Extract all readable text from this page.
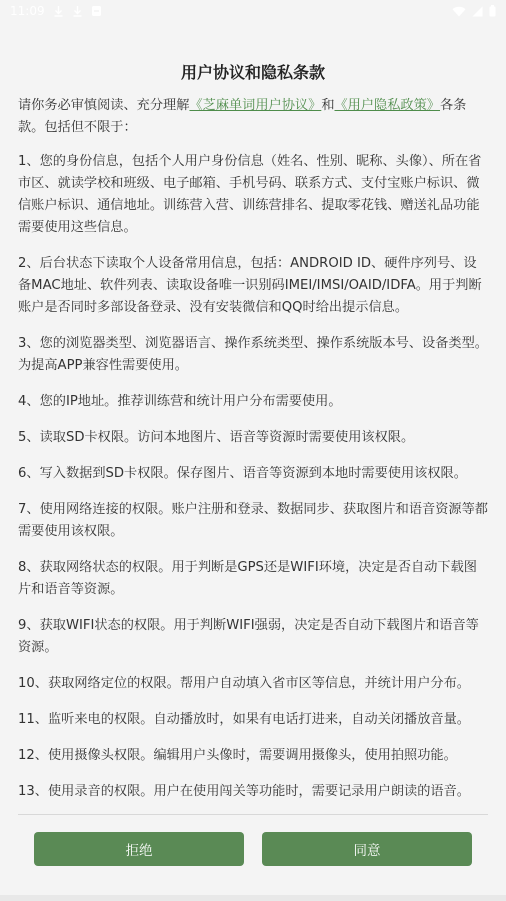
11:09
用户协议和隐私条款

请你务必审慎阅读、充分理解《芝麻单词用户协议》和《用户隐私政策》各条款。包括但不限于：

1、您的身份信息，包括个人用户身份信息（姓名、性别、昵称、头像）、所在省市区、就读学校和班级、电子邮箱、手机号码、联系方式、支付宝账户标识、微信账户标识、通信地址。训练营入营、训练营排名、提取零花钱、赠送礼品功能需要使用这些信息。

2、后台状态下读取个人设备常用信息，包括：ANDROID ID、硬件序列号、设备MAC地址、软件列表、读取设备唯一识别码IMEI/IMSI/OAID/IDFA。用于判断账户是否同时多部设备登录、没有安装微信和QQ时给出提示信息。

3、您的浏览器类型、浏览器语言、操作系统类型、操作系统版本号、设备类型。为提高APP兼容性需要使用。

4、您的IP地址。推荐训练营和统计用户分布需要使用。

5、读取SD卡权限。访问本地图片、语音等资源时需要使用该权限。

6、写入数据到SD卡权限。保存图片、语音等资源到本地时需要使用该权限。

7、使用网络连接的权限。账户注册和登录、数据同步、获取图片和语音资源等都需要使用该权限。

8、获取网络状态的权限。用于判断是GPS还是WIFI环境，决定是否自动下载图片和语音等资源。

9、获取WIFI状态的权限。用于判断WIFI强弱，决定是否自动下载图片和语音等资源。

10、获取网络定位的权限。帮用户自动填入省市区等信息，并统计用户分布。

11、监听来电的权限。自动播放时，如果有电话打进来，自动关闭播放音量。

12、使用摄像头权限。编辑用户头像时，需要调用摄像头，使用拍照功能。

13、使用录音的权限。用户在使用闯关等功能时，需要记录用户朗读的语音。

拒绝	同意
